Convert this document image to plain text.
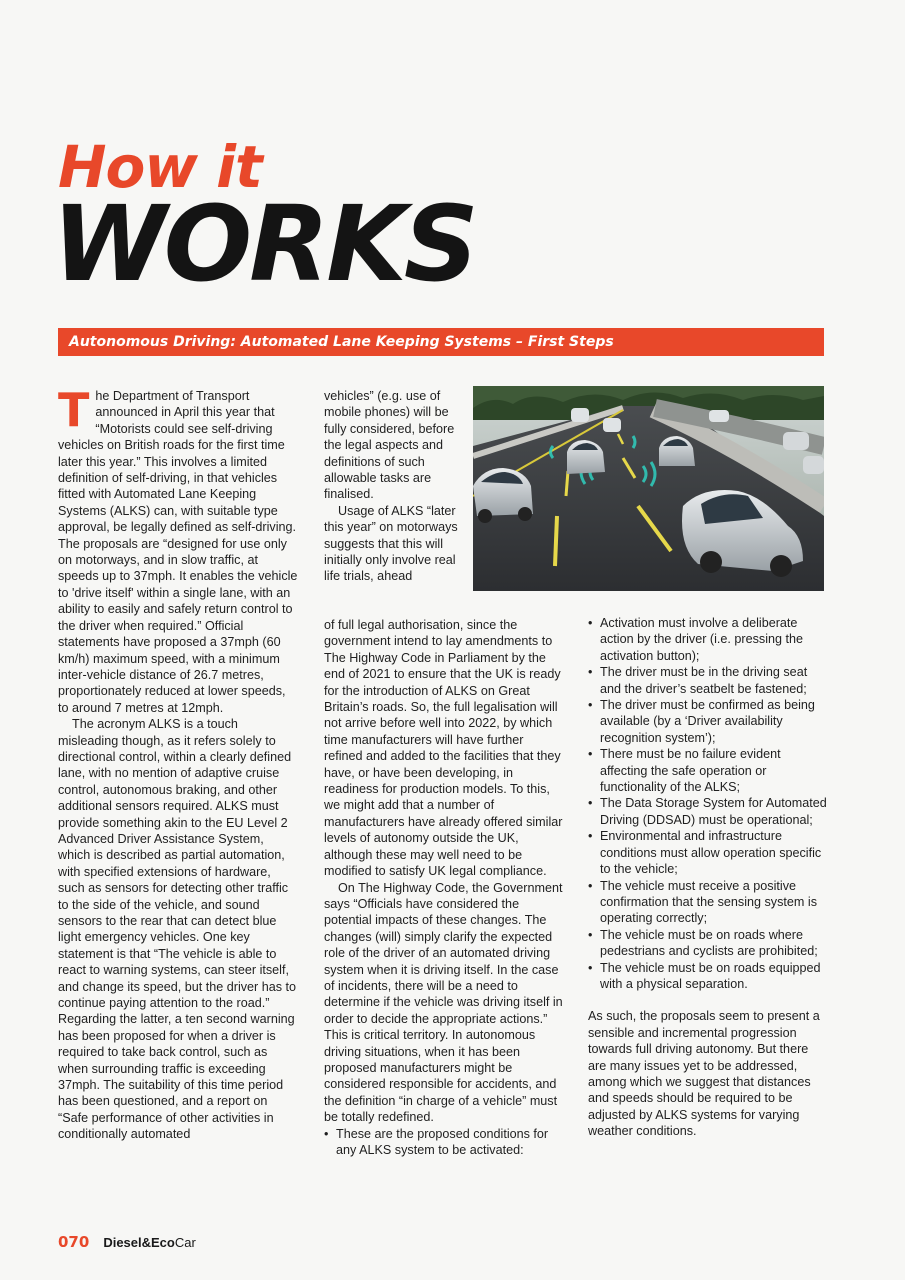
How it
WORKS
Autonomous Driving: Automated Lane Keeping Systems – First Steps

The Department of Transport announced in April this year that “Motorists could see self-driving vehicles on British roads for the first time later this year.” This involves a limited definition of self-driving, in that vehicles fitted with Automated Lane Keeping Systems (ALKS) can, with suitable type approval, be legally defined as self-driving. The proposals are “designed for use only on motorways, and in slow traffic, at speeds up to 37mph. It enables the vehicle to 'drive itself' within a single lane, with an ability to easily and safely return control to the driver when required.” Official statements have proposed a 37mph (60 km/h) maximum speed, with a minimum inter-vehicle distance of 26.7 metres, proportionately reduced at lower speeds, to around 7 metres at 12mph.

The acronym ALKS is a touch misleading though, as it refers solely to directional control, within a clearly defined lane, with no mention of adaptive cruise control, autonomous braking, and other additional sensors required. ALKS must provide something akin to the EU Level 2 Advanced Driver Assistance System, which is described as partial automation, with specified extensions of hardware, such as sensors for detecting other traffic to the side of the vehicle, and sound sensors to the rear that can detect blue light emergency vehicles. One key statement is that “The vehicle is able to react to warning systems, can steer itself, and change its speed, but the driver has to continue paying attention to the road.” Regarding the latter, a ten second warning has been proposed for when a driver is required to take back control, such as when surrounding traffic is exceeding 37mph. The suitability of this time period has been questioned, and a report on “Safe performance of other activities in conditionally automated

vehicles” (e.g. use of mobile phones) will be fully considered, before the legal aspects and definitions of such allowable tasks are finalised.

Usage of ALKS “later this year” on motorways suggests that this will initially only involve real life trials, ahead

of full legal authorisation, since the government intend to lay amendments to The Highway Code in Parliament by the end of 2021 to ensure that the UK is ready for the introduction of ALKS on Great Britain’s roads. So, the full legalisation will not arrive before well into 2022, by which time manufacturers will have further refined and added to the facilities that they have, or have been developing, in readiness for production models. To this, we might add that a number of manufacturers have already offered similar levels of autonomy outside the UK, although these may well need to be modified to satisfy UK legal compliance.

On The Highway Code, the Government says “Officials have considered the potential impacts of these changes. The changes (will) simply clarify the expected role of the driver of an automated driving system when it is driving itself. In the case of incidents, there will be a need to determine if the vehicle was driving itself in order to decide the appropriate actions.” This is critical territory. In autonomous driving situations, when it has been proposed manufacturers might be considered responsible for accidents, and the definition “in charge of a vehicle” must be totally redefined.

• These are the proposed conditions for any ALKS system to be activated:
• Activation must involve a deliberate action by the driver (i.e. pressing the activation button);
• The driver must be in the driving seat and the driver’s seatbelt be fastened;
• The driver must be confirmed as being available (by a ‘Driver availability recognition system’);
• There must be no failure evident affecting the safe operation or functionality of the ALKS;
• The Data Storage System for Automated Driving (DDSAD) must be operational;
• Environmental and infrastructure conditions must allow operation specific to the vehicle;
• The vehicle must receive a positive confirmation that the sensing system is operating correctly;
• The vehicle must be on roads where pedestrians and cyclists are prohibited;
• The vehicle must be on roads equipped with a physical separation.

As such, the proposals seem to present a sensible and incremental progression towards full driving autonomy. But there are many issues yet to be addressed, among which we suggest that distances and speeds should be required to be adjusted by ALKS systems for varying weather conditions.

070 Diesel&EcoCar
